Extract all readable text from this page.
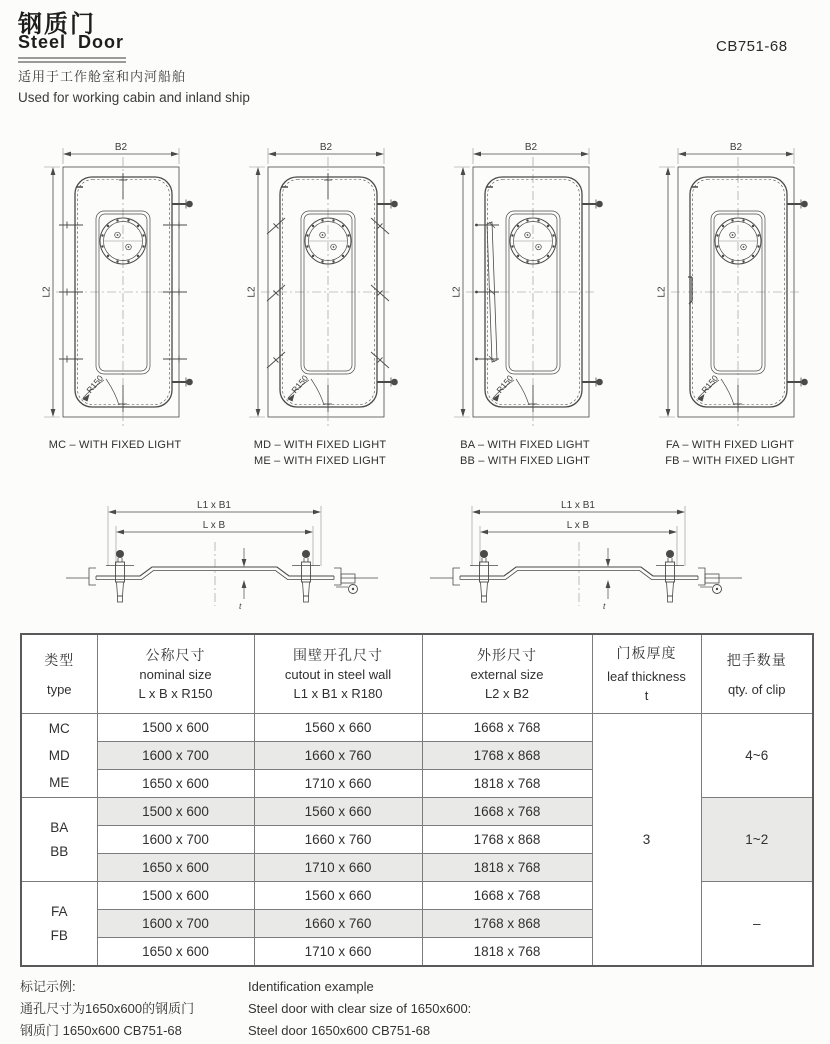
钢质门
Steel Door	CB751-68
适用于工作舱室和内河船舶
Used for working cabin and inland ship
B2
L2
R150
MC – WITH FIXED LIGHT
B2
L2
R150
MD – WITH FIXED LIGHT
ME – WITH FIXED LIGHT
B2
L2
R150
BA – WITH FIXED LIGHT
BB – WITH FIXED LIGHT
B2
L2
R150
FA – WITH FIXED LIGHT
FB – WITH FIXED LIGHT
L1 x B1
L x B
t
L1 x B1
L x B
t
类型
type

公称尺寸
nominal size
L x B x R150

围壁开孔尺寸
cutout in steel wall
L1 x B1 x R180

外形尺寸
external size
L2 x B2

门板厚度
leaf thickness
t

把手数量
qty. of clip

MC
MD
ME	1500 x 600	1560 x 660	1668 x 768	3	4~6
	1600 x 700	1660 x 760	1768 x 868		
	1650 x 600	1710 x 660	1818 x 768		

BA
BB	1500 x 600	1560 x 660	1668 x 768		1~2
	1600 x 700	1660 x 760	1768 x 868		
	1650 x 600	1710 x 660	1818 x 768		

FA
FB	1500 x 600	1560 x 660	1668 x 768		–
	1600 x 700	1660 x 760	1768 x 868		
	1650 x 600	1710 x 660	1818 x 768		
标记示例:
通孔尺寸为1650x600的钢质门
钢质门 1650x600 CB751-68
Identification example
Steel door with clear size of 1650x600:
Steel door 1650x600 CB751-68
